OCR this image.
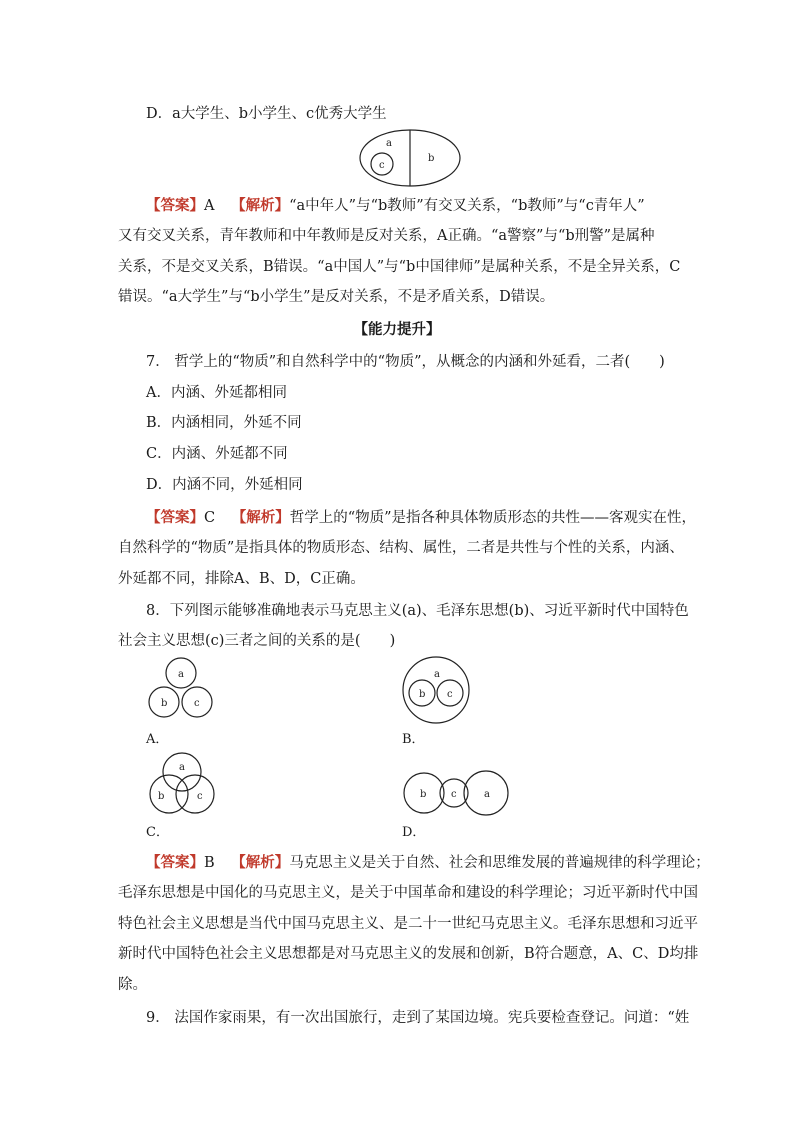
D．a大学生、b小学生、c优秀大学生
a
c
b
【答案】A 【解析】“a中年人”与“b教师”有交叉关系，“b教师”与“c青年人”
又有交叉关系，青年教师和中年教师是反对关系，A正确。“a警察”与“b刑警”是属种
关系，不是交叉关系，B错误。“a中国人”与“b中国律师”是属种关系，不是全异关系，C
错误。“a大学生”与“b小学生”是反对关系，不是矛盾关系，D错误。
【能力提升】
7． 哲学上的“物质”和自然科学中的“物质”，从概念的内涵和外延看，二者(　　)
A．内涵、外延都相同
B．内涵相同，外延不同
C．内涵、外延都不同
D．内涵不同，外延相同
【答案】C 【解析】哲学上的“物质”是指各种具体物质形态的共性——客观实在性，
自然科学的“物质”是指具体的物质形态、结构、属性，二者是共性与个性的关系，内涵、
外延都不同，排除A、B、D，C正确。
8．下列图示能够准确地表示马克思主义(a)、毛泽东思想(b)、习近平新时代中国特色
社会主义思想(c)三者之间的关系的是(　　)
a
b	c
A．
a
b c
B．
a
b	c
C．
b c	a
D．
【答案】B 【解析】马克思主义是关于自然、社会和思维发展的普遍规律的科学理论；
毛泽东思想是中国化的马克思主义，是关于中国革命和建设的科学理论；习近平新时代中国
特色社会主义思想是当代中国马克思主义、是二十一世纪马克思主义。毛泽东思想和习近平
新时代中国特色社会主义思想都是对马克思主义的发展和创新，B符合题意，A、C、D均排
除。
9． 法国作家雨果，有一次出国旅行，走到了某国边境。宪兵要检查登记。问道：“姓
